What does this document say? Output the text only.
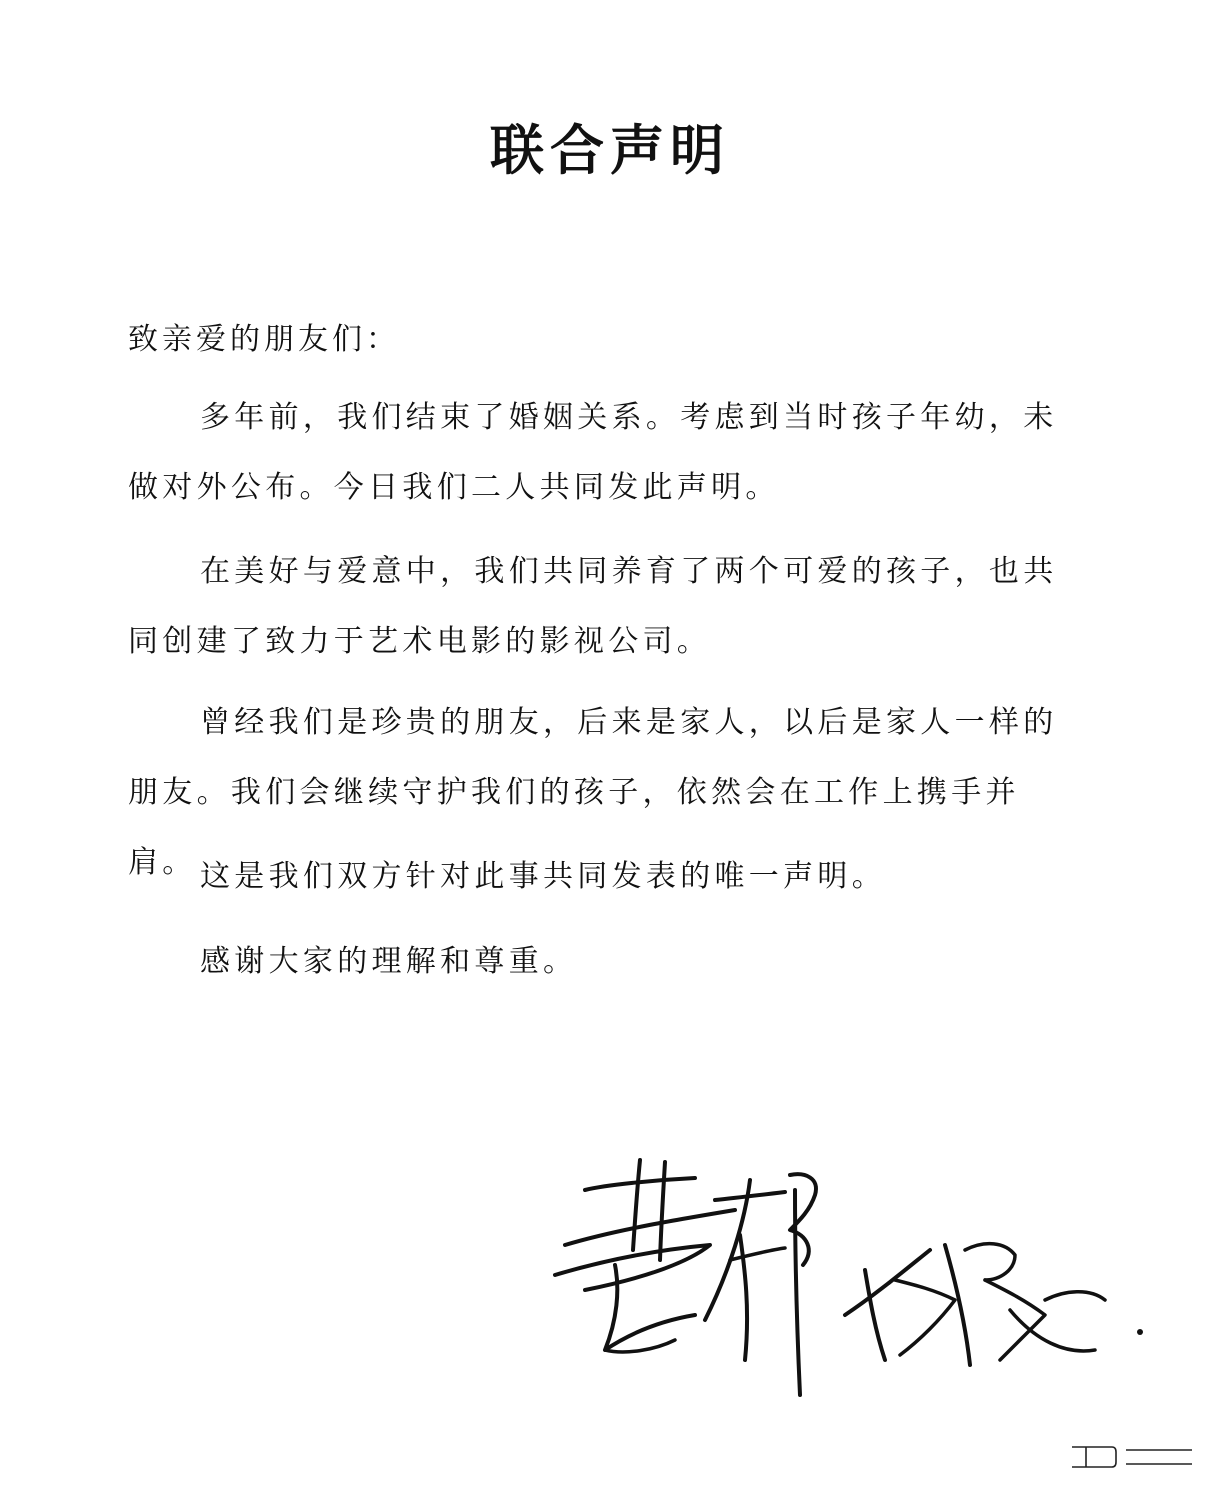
联合声明
致亲爱的朋友们：

多年前，我们结束了婚姻关系。考虑到当时孩子年幼，未做对外公布。今日我们二人共同发此声明。

在美好与爱意中，我们共同养育了两个可爱的孩子，也共同创建了致力于艺术电影的影视公司。

曾经我们是珍贵的朋友，后来是家人，以后是家人一样的朋友。我们会继续守护我们的孩子，依然会在工作上携手并肩。 这是我们双方针对此事共同发表的唯一声明。

感谢大家的理解和尊重。
